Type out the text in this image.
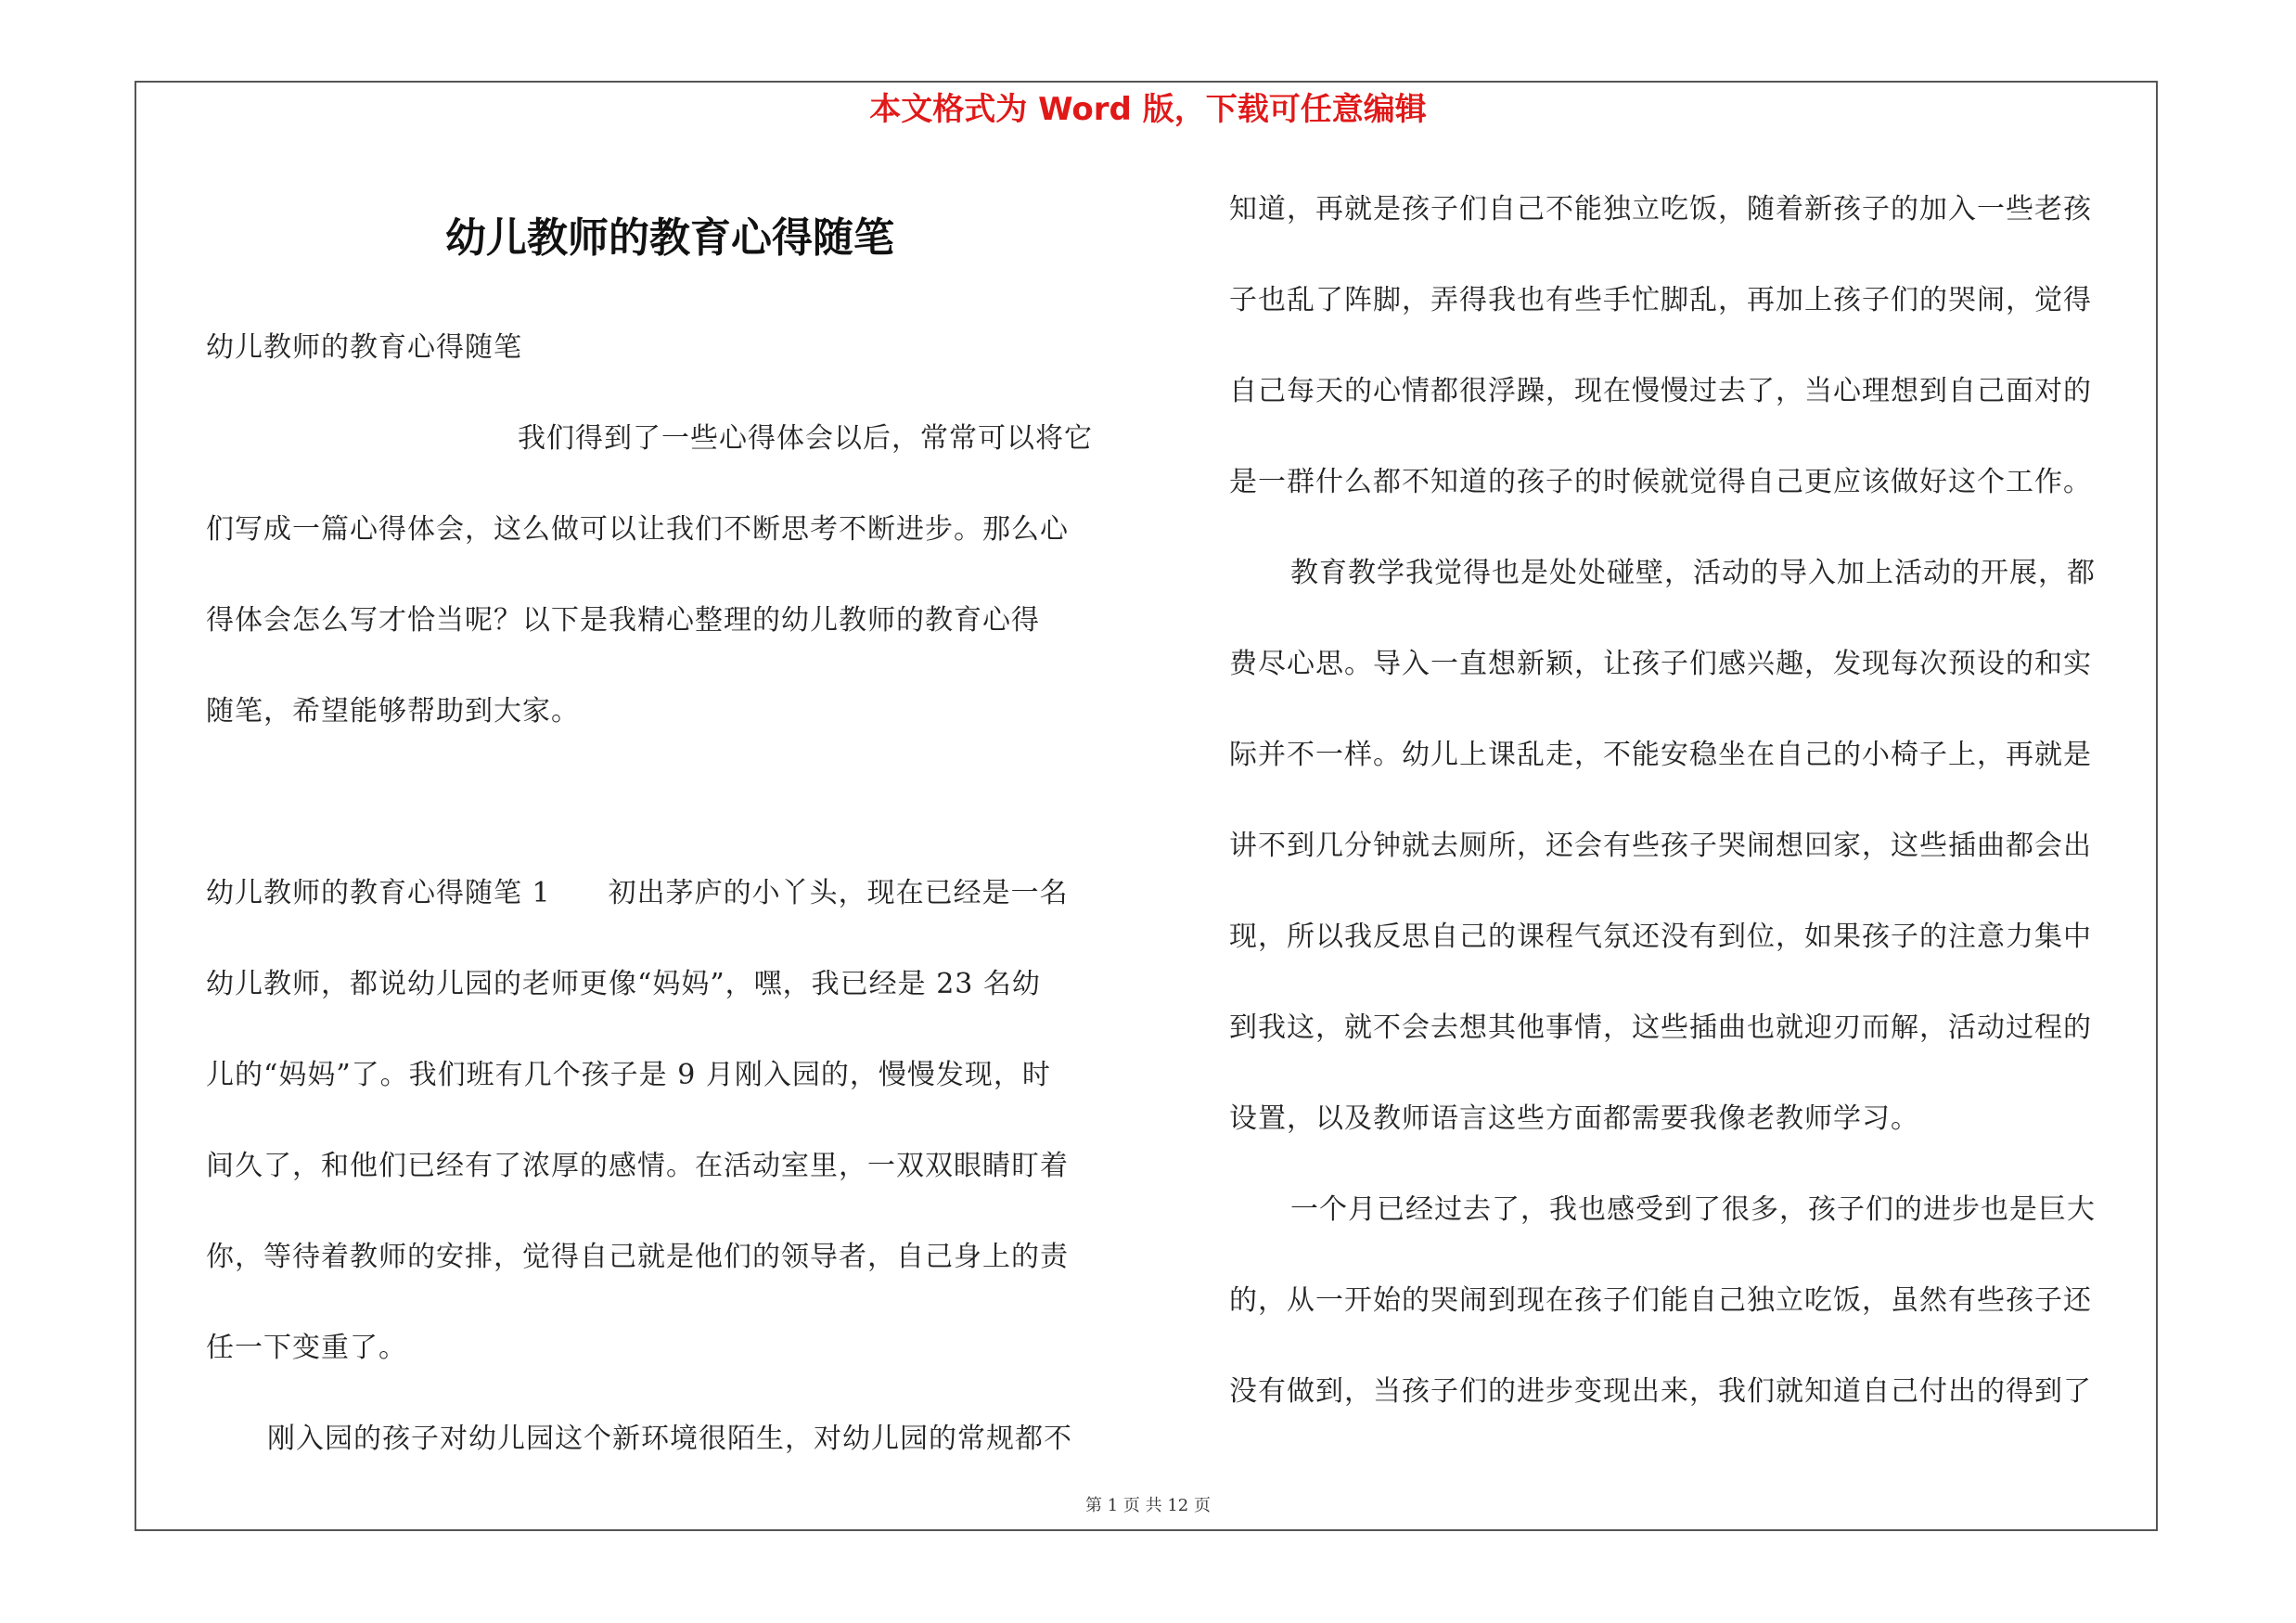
本文格式为 Word 版，下载可任意编辑
幼儿教师的教育心得随笔
幼儿教师的教育心得随笔
我们得到了一些心得体会以后，常常可以将它
们写成一篇心得体会，这么做可以让我们不断思考不断进步。那么心
得体会怎么写才恰当呢？以下是我精心整理的幼儿教师的教育心得
随笔，希望能够帮助到大家。
幼儿教师的教育心得随笔 1　　初出茅庐的小丫头，现在已经是一名
幼儿教师，都说幼儿园的老师更像“妈妈”，嘿，我已经是 23 名幼
儿的“妈妈”了。我们班有几个孩子是 9 月刚入园的，慢慢发现，时
间久了，和他们已经有了浓厚的感情。在活动室里，一双双眼睛盯着
你，等待着教师的安排，觉得自己就是他们的领导者，自己身上的责
任一下变重了。
刚入园的孩子对幼儿园这个新环境很陌生，对幼儿园的常规都不
知道，再就是孩子们自己不能独立吃饭，随着新孩子的加入一些老孩
子也乱了阵脚，弄得我也有些手忙脚乱，再加上孩子们的哭闹，觉得
自己每天的心情都很浮躁，现在慢慢过去了，当心理想到自己面对的
是一群什么都不知道的孩子的时候就觉得自己更应该做好这个工作。
教育教学我觉得也是处处碰壁，活动的导入加上活动的开展，都
费尽心思。导入一直想新颖，让孩子们感兴趣，发现每次预设的和实
际并不一样。幼儿上课乱走，不能安稳坐在自己的小椅子上，再就是
讲不到几分钟就去厕所，还会有些孩子哭闹想回家，这些插曲都会出
现，所以我反思自己的课程气氛还没有到位，如果孩子的注意力集中
到我这，就不会去想其他事情，这些插曲也就迎刃而解，活动过程的
设置，以及教师语言这些方面都需要我像老教师学习。
一个月已经过去了，我也感受到了很多，孩子们的进步也是巨大
的，从一开始的哭闹到现在孩子们能自己独立吃饭，虽然有些孩子还
没有做到，当孩子们的进步变现出来，我们就知道自己付出的得到了
第 1 页 共 12 页
